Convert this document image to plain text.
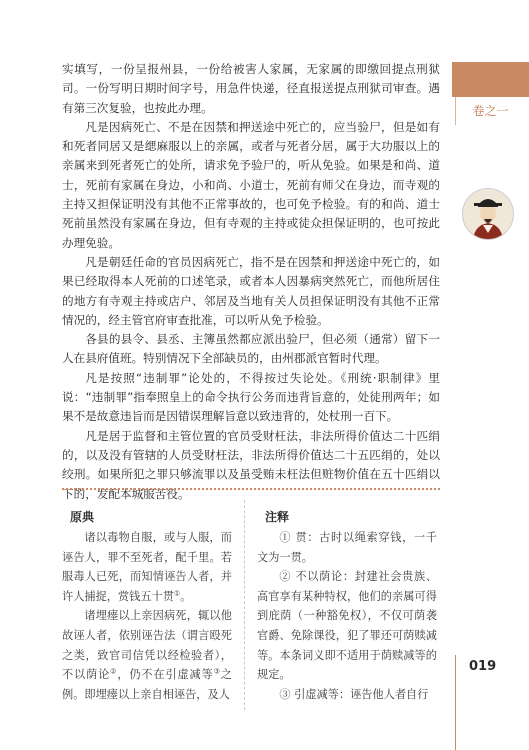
卷之一

实填写，一份呈报州县，一份给被害人家属，无家属的即缴回提点刑狱司。一份写明日期时间字号，用急件快递，径直报送提点刑狱司审查。遇有第三次复验，也按此办理。

凡是因病死亡、不是在因禁和押送途中死亡的，应当验尸，但是如有和死者同居又是缌麻服以上的亲属，或者与死者分居，属于大功服以上的亲属来到死者死亡的处所，请求免予验尸的，听从免验。如果是和尚、道士，死前有家属在身边，小和尚、小道士，死前有师父在身边，而寺观的主持又担保证明没有其他不正常事故的，也可免予检验。有的和尚、道士死前虽然没有家属在身边，但有寺观的主持或徒众担保证明的，也可按此办理免验。

凡是朝廷任命的官员因病死亡，指不是在因禁和押送途中死亡的，如果已经取得本人死前的口述笔录，或者本人因暴病突然死亡，而他所居住的地方有寺观主持或店户、邻居及当地有关人员担保证明没有其他不正常情况的，经主管官府审查批准，可以听从免予检验。

各县的县令、县丞、主簿虽然都应派出验尸，但必须（通常）留下一人在县府值班。特别情况下全部缺员的，由州郡派官暂时代理。

凡是按照“违制罪”论处的，不得按过失论处。《刑统·职制律》里说：“违制罪”指奉照皇上的命令执行公务而违背旨意的，处徒刑两年；如果不是故意违旨而是因错误理解旨意以致违背的，处杖刑一百下。

凡是居于监督和主管位置的官员受财枉法，非法所得价值达二十匹绢的，以及没有管辖的人员受财枉法，非法所得价值达二十五匹绢的，处以绞刑。如果所犯之罪只够流罪以及虽受贿未枉法但赃物价值在五十匹绢以下的，发配本城服苦役。

原典	注释

诸以毒物自服，或与人服，而诬告人，罪不至死者，配千里。若服毒人已死，而知情诬告人者，并许人捕捉，赏钱五十贯①。

诸埋瘗以上亲因病死，辄以他故诬人者，依别诬告法（谓言殴死之类，致官司信凭以经检验者），不以荫论②，仍不在引虚减等③之例。即埋瘗以上亲自相诬告，及人

① 贯：古时以绳索穿钱，一千文为一贯。

② 不以荫论：封建社会贵族、高官享有某种特权，他们的亲属可得到庇荫（一种豁免权），不仅可荫袭官爵、免除课役，犯了罪还可荫赎减等。本条词义即不适用于荫赎减等的规定。

③ 引虚减等：诬告他人者自行

019
